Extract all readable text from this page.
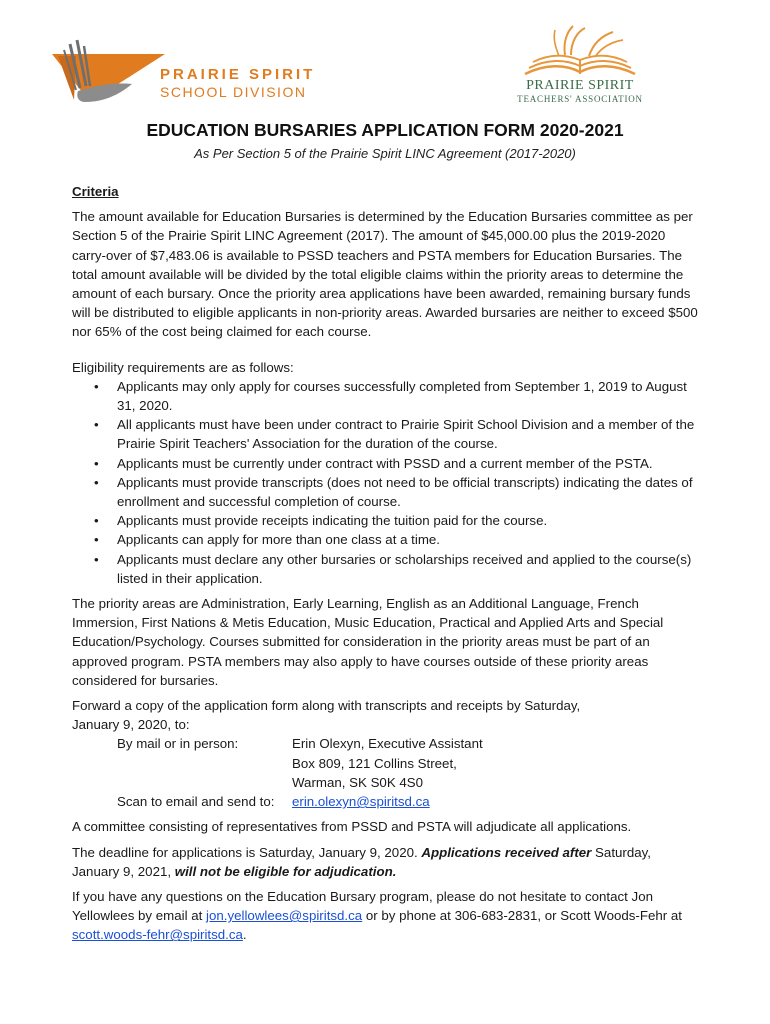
PRAIRIE SPIRIT
SCHOOL DIVISION	PRAIRIE SPIRIT
TEACHERS' ASSOCIATION
EDUCATION BURSARIES APPLICATION FORM 2020-2021
As Per Section 5 of the Prairie Spirit LINC Agreement (2017-2020)
Criteria

The amount available for Education Bursaries is determined by the Education Bursaries committee as per Section 5 of the Prairie Spirit LINC Agreement (2017). The amount of $45,000.00 plus the 2019-2020 carry-over of $7,483.06 is available to PSSD teachers and PSTA members for Education Bursaries. The total amount available will be divided by the total eligible claims within the priority areas to determine the amount of each bursary. Once the priority area applications have been awarded, remaining bursary funds will be distributed to eligible applicants in non-priority areas. Awarded bursaries are neither to exceed $500 nor 65% of the cost being claimed for each course.

Eligibility requirements are as follows:

• Applicants may only apply for courses successfully completed from September 1, 2019 to August 31, 2020.
• All applicants must have been under contract to Prairie Spirit School Division and a member of the Prairie Spirit Teachers' Association for the duration of the course.
• Applicants must be currently under contract with PSSD and a current member of the PSTA.
• Applicants must provide transcripts (does not need to be official transcripts) indicating the dates of enrollment and successful completion of course.
• Applicants must provide receipts indicating the tuition paid for the course.
• Applicants can apply for more than one class at a time.
• Applicants must declare any other bursaries or scholarships received and applied to the course(s) listed in their application.

The priority areas are Administration, Early Learning, English as an Additional Language, French Immersion, First Nations & Metis Education, Music Education, Practical and Applied Arts and Special Education/Psychology. Courses submitted for consideration in the priority areas must be part of an approved program. PSTA members may also apply to have courses outside of these priority areas considered for bursaries.

Forward a copy of the application form along with transcripts and receipts by Saturday,
January 9, 2020, to:

By mail or in person:	Erin Olexyn, Executive Assistant
Box 809, 121 Collins Street,
Warman, SK S0K 4S0
Scan to email and send to:	erin.olexyn@spiritsd.ca

A committee consisting of representatives from PSSD and PSTA will adjudicate all applications.

The deadline for applications is Saturday, January 9, 2020. Applications received after Saturday, January 9, 2021, will not be eligible for adjudication.

If you have any questions on the Education Bursary program, please do not hesitate to contact Jon Yellowlees by email at jon.yellowlees@spiritsd.ca or by phone at 306-683-2831, or Scott Woods-Fehr at scott.woods-fehr@spiritsd.ca.
